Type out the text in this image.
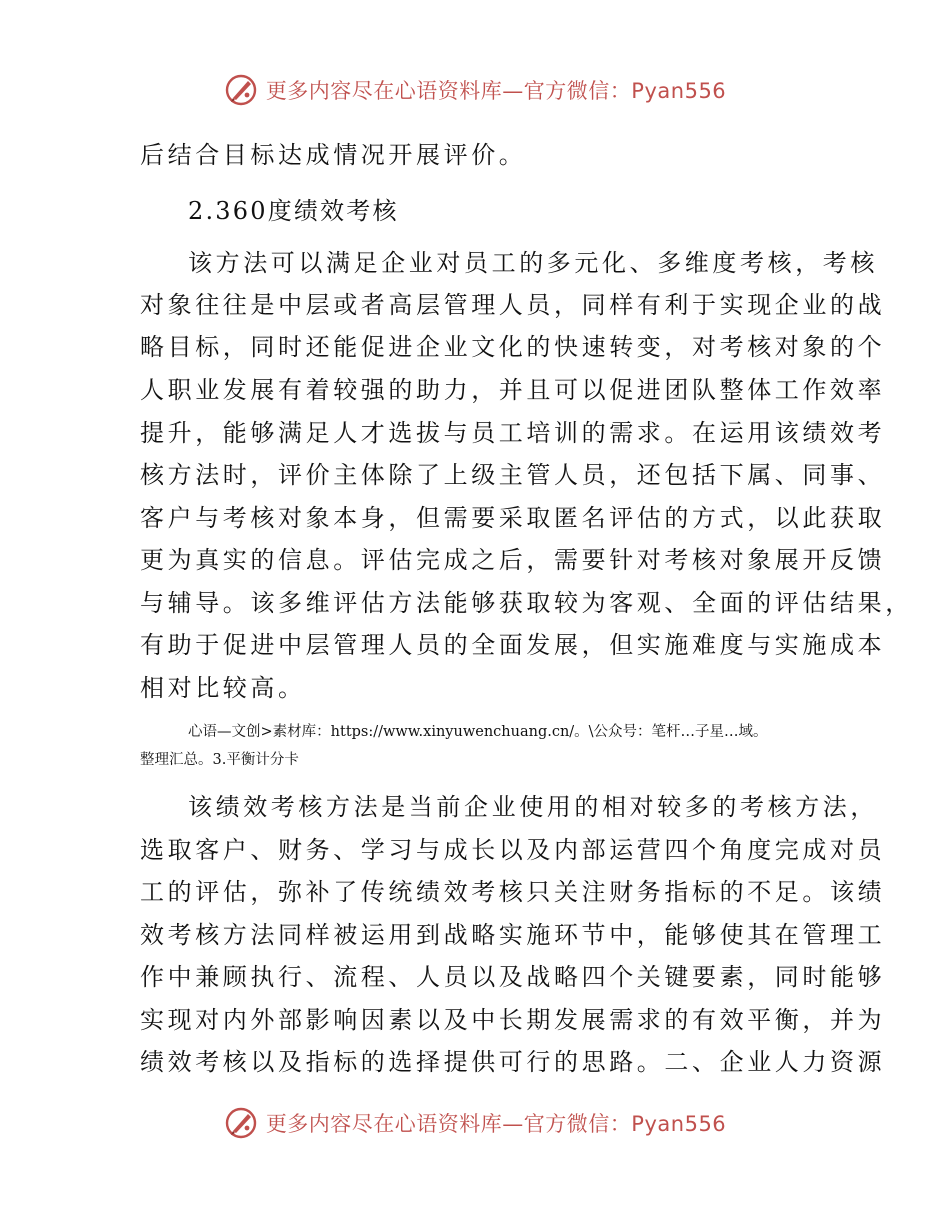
更多内容尽在心语资料库—官方微信：Pyan556
后结合目标达成情况开展评价。
2.360度绩效考核
该方法可以满足企业对员工的多元化、多维度考核，考核
对象往往是中层或者高层管理人员，同样有利于实现企业的战
略目标，同时还能促进企业文化的快速转变，对考核对象的个
人职业发展有着较强的助力，并且可以促进团队整体工作效率
提升，能够满足人才选拔与员工培训的需求。在运用该绩效考
核方法时，评价主体除了上级主管人员，还包括下属、同事、
客户与考核对象本身，但需要采取匿名评估的方式，以此获取
更为真实的信息。评估完成之后，需要针对考核对象展开反馈
与辅导。该多维评估方法能够获取较为客观、全面的评估结果，
有助于促进中层管理人员的全面发展，但实施难度与实施成本
相对比较高。
心语—文创>素材库：https://www.xinyuwenchuang.cn/。\公众号：笔杆…子星…域。
整理汇总。3.平衡计分卡
该绩效考核方法是当前企业使用的相对较多的考核方法，
选取客户、财务、学习与成长以及内部运营四个角度完成对员
工的评估，弥补了传统绩效考核只关注财务指标的不足。该绩
效考核方法同样被运用到战略实施环节中，能够使其在管理工
作中兼顾执行、流程、人员以及战略四个关键要素，同时能够
实现对内外部影响因素以及中长期发展需求的有效平衡，并为
绩效考核以及指标的选择提供可行的思路。二、企业人力资源
更多内容尽在心语资料库—官方微信：Pyan556
